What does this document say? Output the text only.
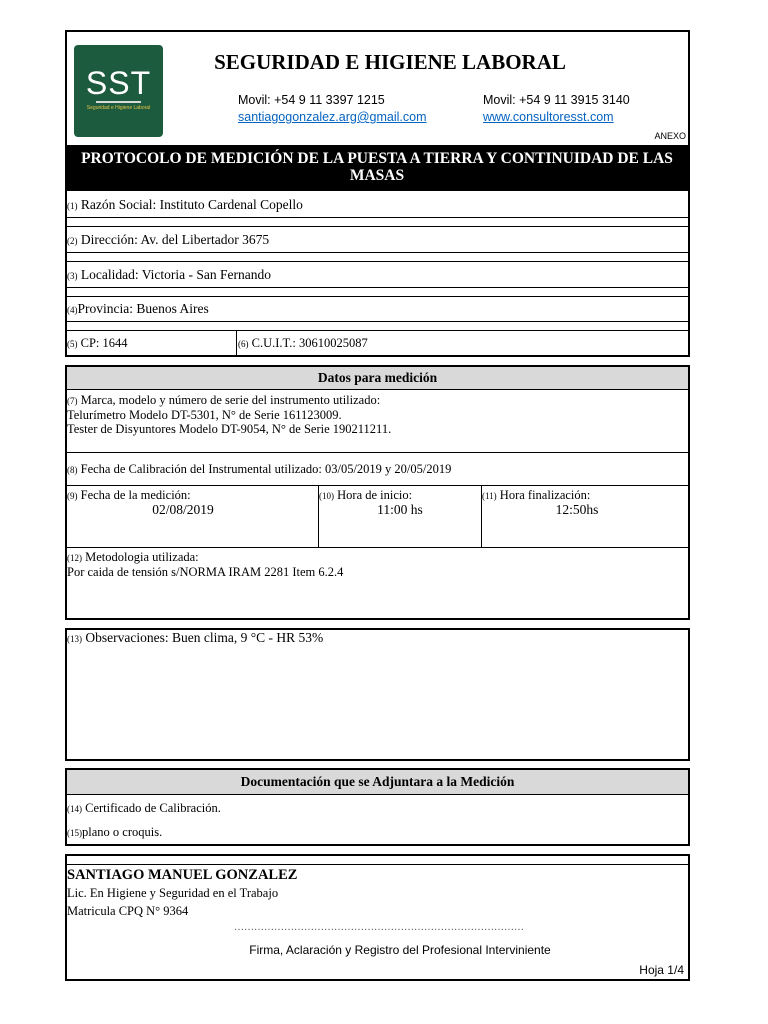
SST
Seguridad e Higiene Laboral
SEGURIDAD E HIGIENE LABORAL
Movil: +54 9 11 3397 1215
santiagogonzalez.arg@gmail.com
Movil: +54 9 11 3915 3140
www.consultoresst.com
ANEXO
PROTOCOLO DE MEDICIÓN DE LA PUESTA A TIERRA Y CONTINUIDAD DE LAS MASAS
(1) Razón Social: Instituto Cardenal Copello
(2) Dirección: Av. del Libertador 3675
(3) Localidad: Victoria - San Fernando
(4)Provincia: Buenos Aires
(5) CP: 1644	(6) C.U.I.T.: 30610025087
Datos para medición
(7) Marca, modelo y número de serie del instrumento utilizado:
Telurímetro Modelo DT-5301, N° de Serie 161123009.
Tester de Disyuntores Modelo DT-9054, N° de Serie 190211211.
(8) Fecha de Calibración del Instrumental utilizado: 03/05/2019 y 20/05/2019
(9) Fecha de la medición:
02/08/2019
(10) Hora de inicio:
11:00 hs
(11) Hora finalización:
12:50hs
(12) Metodologia utilizada:
Por caida de tensión s/NORMA IRAM 2281 Item 6.2.4
(13) Observaciones: Buen clima, 9 °C - HR 53%
Documentación que se Adjuntara a la Medición
(14) Certificado de Calibración.
(15)plano o croquis.
SANTIAGO MANUEL GONZALEZ
Lic. En Higiene y Seguridad en el Trabajo
Matricula CPQ N° 9364
……………………………………………………………………………
Firma, Aclaración y Registro del Profesional Interviniente
Hoja 1/4
